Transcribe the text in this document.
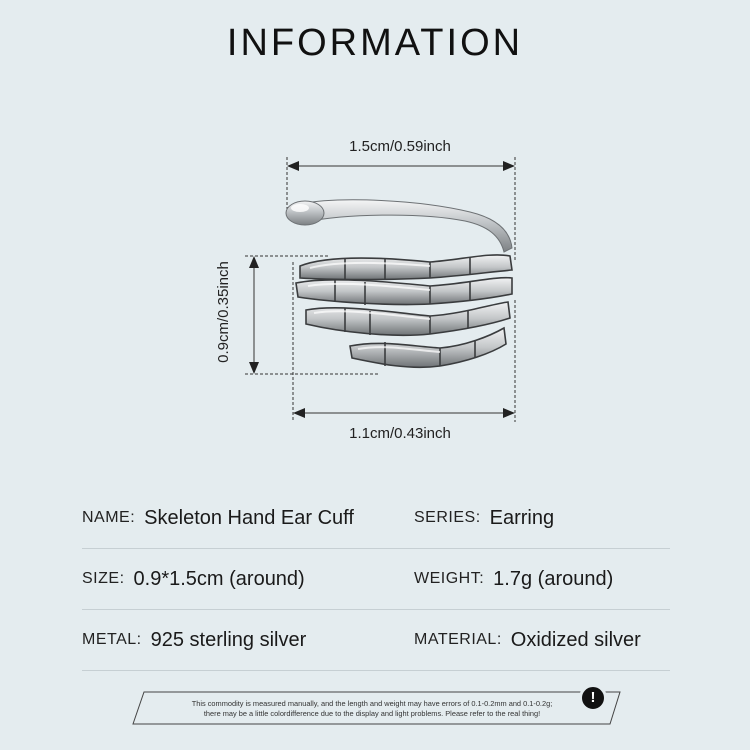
INFORMATION
1.5cm/0.59inch
0.9cm/0.35inch
1.1cm/0.43inch
NAME: Skeleton Hand Ear Cuff	SERIES: Earring
SIZE: 0.9*1.5cm (around)	WEIGHT: 1.7g (around)
METAL: 925 sterling silver	MATERIAL: Oxidized silver
This commodity is measured manually, and the length and weight may have errors of 0.1-0.2mm and 0.1-0.2g;
there may be a little colordifference due to the display and light problems. Please refer to the real thing!
!
